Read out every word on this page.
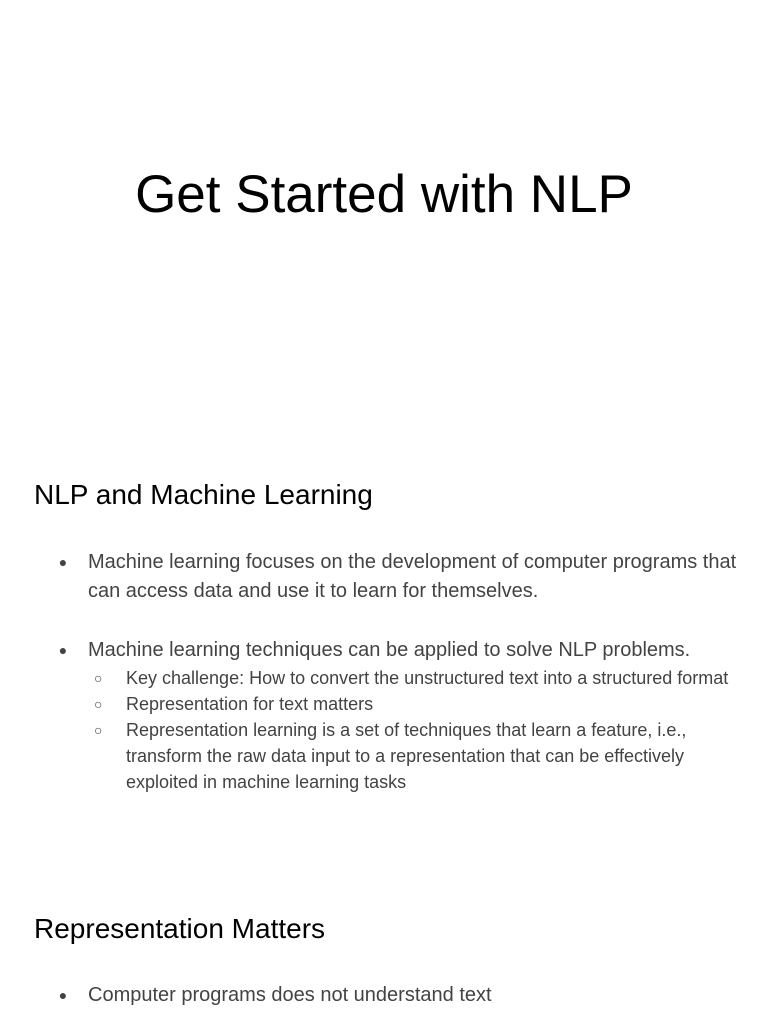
Get Started with NLP
NLP and Machine Learning
● Machine learning focuses on the development of computer programs that can access data and use it to learn for themselves.
● Machine learning techniques can be applied to solve NLP problems.
○ Key challenge: How to convert the unstructured text into a structured format
○ Representation for text matters
○ Representation learning is a set of techniques that learn a feature, i.e., transform the raw data input to a representation that can be effectively exploited in machine learning tasks
Representation Matters
● Computer programs does not understand text
